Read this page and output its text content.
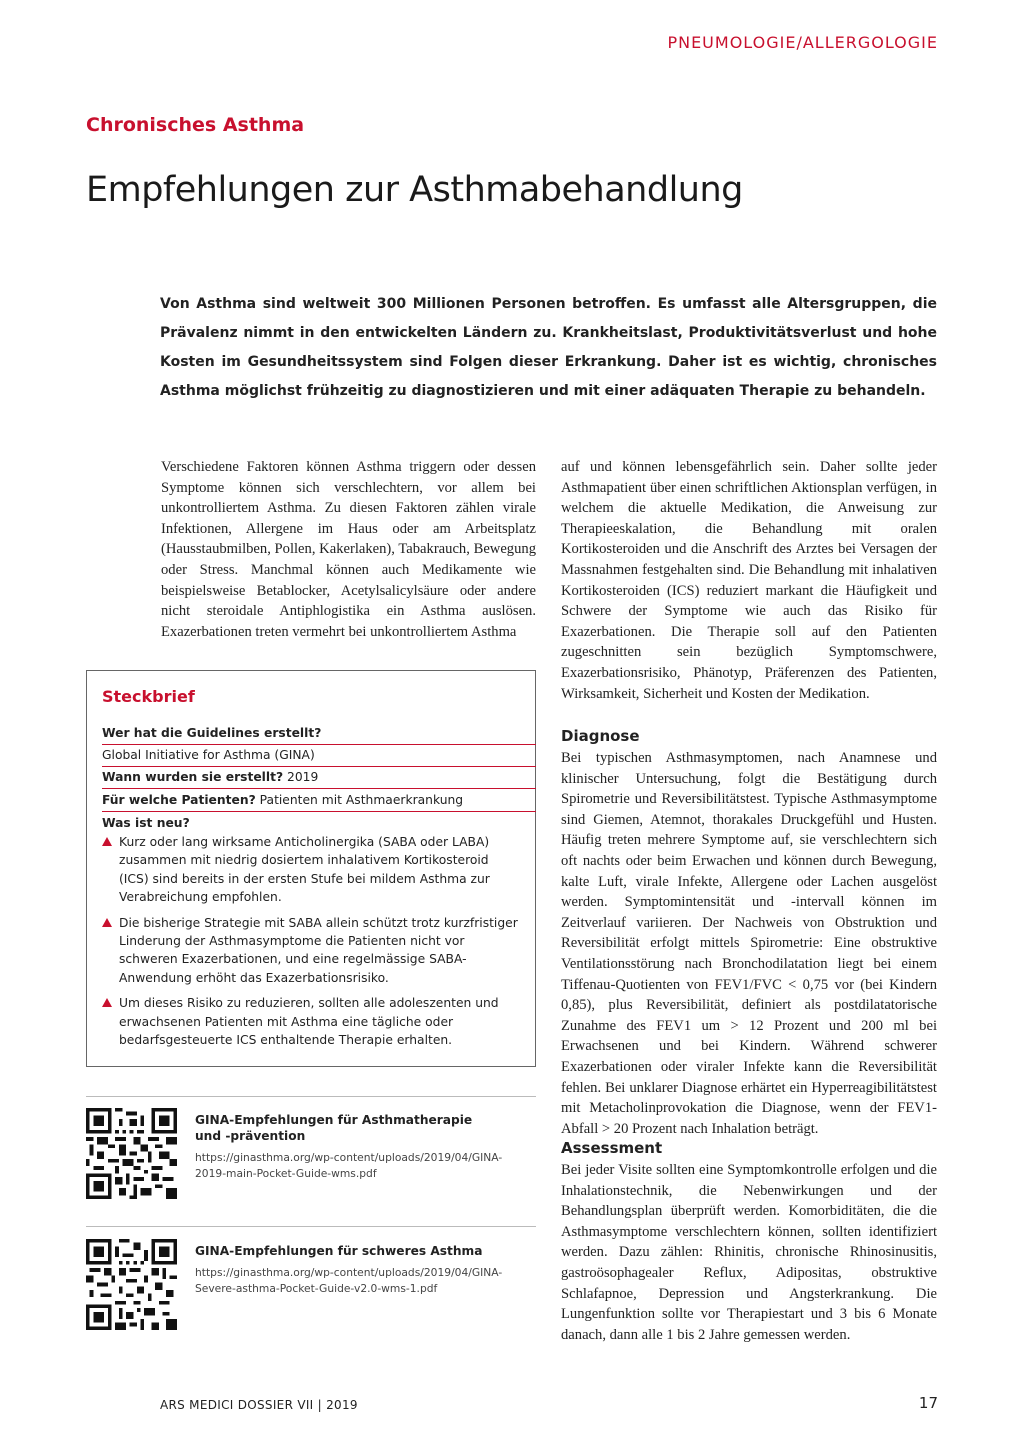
PNEUMOLOGIE/ALLERGOLOGIE
Chronisches Asthma
Empfehlungen zur Asthmabehandlung

Von Asthma sind weltweit 300 Millionen Personen betroffen. Es umfasst alle Altersgruppen, die Prävalenz nimmt in den entwickelten Ländern zu. Krankheitslast, Produktivitätsverlust und hohe Kosten im Gesundheitssystem sind Folgen dieser Erkrankung. Daher ist es wichtig, chronisches Asthma möglichst frühzeitig zu diagnostizieren und mit einer adäquaten Therapie zu behandeln.

Verschiedene Faktoren können Asthma triggern oder dessen Symptome können sich verschlechtern, vor allem bei unkontrolliertem Asthma. Zu diesen Faktoren zählen virale Infektionen, Allergene im Haus oder am Arbeitsplatz (Hausstaubmilben, Pollen, Kakerlaken), Tabakrauch, Bewegung oder Stress. Manchmal können auch Medikamente wie beispielsweise Betablocker, Acetylsalicylsäure oder andere nicht steroidale Antiphlogistika ein Asthma auslösen. Exazerbationen treten vermehrt bei unkontrolliertem Asthma

Steckbrief
Wer hat die Guidelines erstellt?
Global Initiative for Asthma (GINA)
Wann wurden sie erstellt? 2019
Für welche Patienten? Patienten mit Asthmaerkrankung
Was ist neu?
Kurz oder lang wirksame Anticholinergika (SABA oder LABA) zusammen mit niedrig dosiertem inhalativem Kortikosteroid (ICS) sind bereits in der ersten Stufe bei mildem Asthma zur Verabreichung empfohlen.
Die bisherige Strategie mit SABA allein schützt trotz kurzfristiger Linderung der Asthmasymptome die Patienten nicht vor schweren Exazerbationen, und eine regelmässige SABA-Anwendung erhöht das Exazerbationsrisiko.
Um dieses Risiko zu reduzieren, sollten alle adoleszenten und erwachsenen Patienten mit Asthma eine tägliche oder bedarfsgesteuerte ICS enthaltende Therapie erhalten.
GINA-Empfehlungen für Asthmatherapie und -prävention
https://ginasthma.org/wp-content/uploads/2019/04/GINA-2019-main-Pocket-Guide-wms.pdf
GINA-Empfehlungen für schweres Asthma
https://ginasthma.org/wp-content/uploads/2019/04/GINA-Severe-asthma-Pocket-Guide-v2.0-wms-1.pdf

auf und können lebensgefährlich sein. Daher sollte jeder Asthmapatient über einen schriftlichen Aktionsplan verfügen, in welchem die aktuelle Medikation, die Anweisung zur Therapieeskalation, die Behandlung mit oralen Kortikosteroiden und die Anschrift des Arztes bei Versagen der Massnahmen festgehalten sind. Die Behandlung mit inhalativen Kortikosteroiden (ICS) reduziert markant die Häufigkeit und Schwere der Symptome wie auch das Risiko für Exazerbationen. Die Therapie soll auf den Patienten zugeschnitten sein bezüglich Symptomschwere, Exazerbationsrisiko, Phänotyp, Präferenzen des Patienten, Wirksamkeit, Sicherheit und Kosten der Medikation.

Diagnose

Bei typischen Asthmasymptomen, nach Anamnese und klinischer Untersuchung, folgt die Bestätigung durch Spirometrie und Reversibilitätstest. Typische Asthmasymptome sind Giemen, Atemnot, thorakales Druckgefühl und Husten. Häufig treten mehrere Symptome auf, sie verschlechtern sich oft nachts oder beim Erwachen und können durch Bewegung, kalte Luft, virale Infekte, Allergene oder Lachen ausgelöst werden. Symptomintensität und -intervall können im Zeitverlauf variieren. Der Nachweis von Obstruktion und Reversibilität erfolgt mittels Spirometrie: Eine obstruktive Ventilationsstörung nach Bronchodilatation liegt bei einem Tiffenau-Quotienten von FEV1/FVC < 0,75 vor (bei Kindern 0,85), plus Reversibilität, definiert als postdilatatorische Zunahme des FEV1 um > 12 Prozent und 200 ml bei Erwachsenen und bei Kindern. Während schwerer Exazerbationen oder viraler Infekte kann die Reversibilität fehlen. Bei unklarer Diagnose erhärtet ein Hyperreagibilitätstest mit Metacholinprovokation die Diagnose, wenn der FEV1-Abfall > 20 Prozent nach Inhalation beträgt.

Assessment

Bei jeder Visite sollten eine Symptomkontrolle erfolgen und die Inhalationstechnik, die Nebenwirkungen und der Behandlungsplan überprüft werden. Komorbiditäten, die die Asthmasymptome verschlechtern können, sollten identifiziert werden. Dazu zählen: Rhinitis, chronische Rhinosinusitis, gastroösophagealer Reflux, Adipositas, obstruktive Schlafapnoe, Depression und Angsterkrankung. Die Lungenfunktion sollte vor Therapiestart und 3 bis 6 Monate danach, dann alle 1 bis 2 Jahre gemessen werden.

ARS MEDICI DOSSIER VII | 2019	17
